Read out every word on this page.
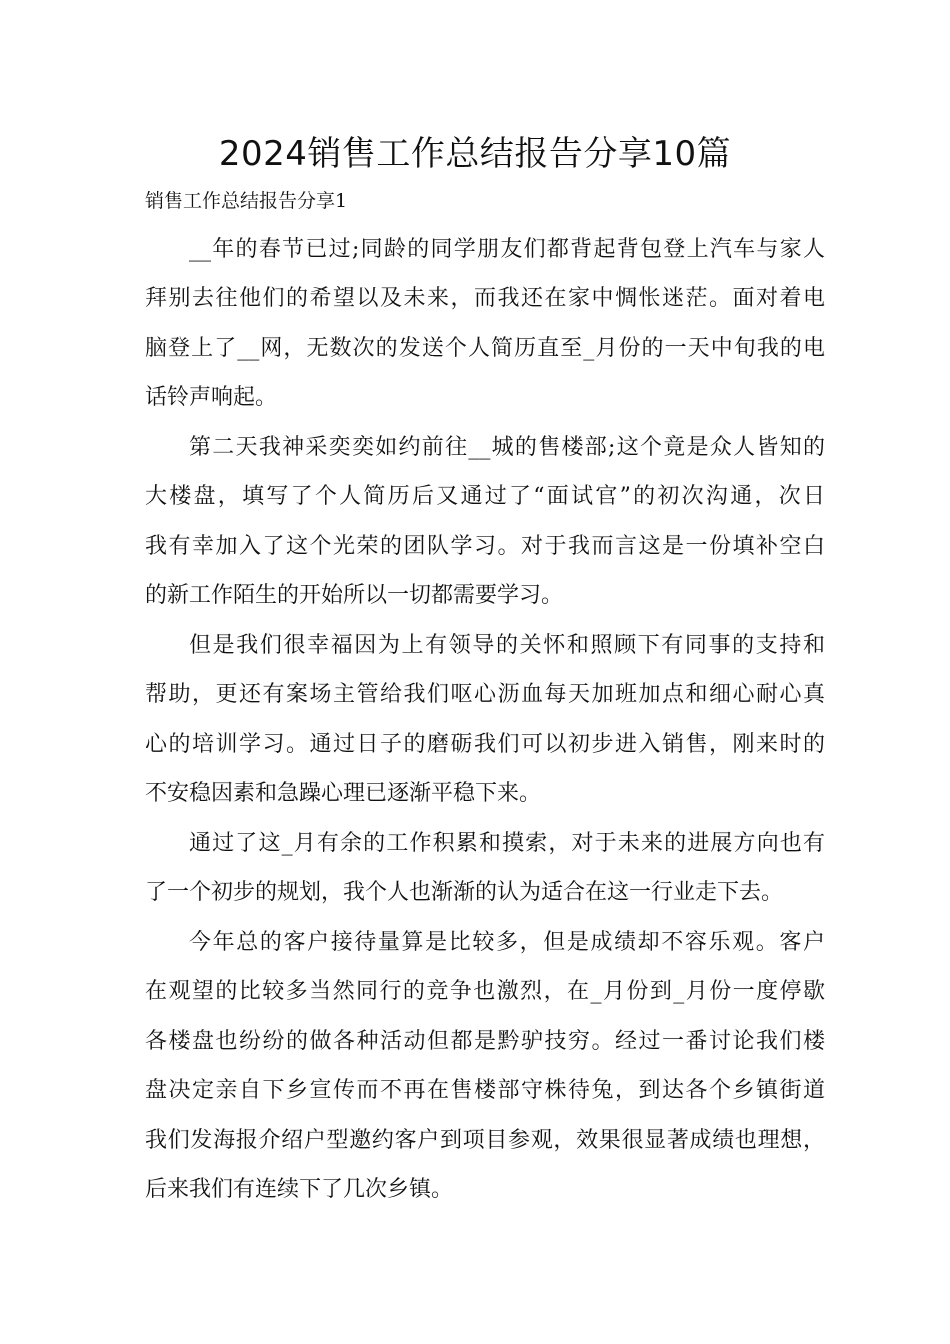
2024销售工作总结报告分享10篇

销售工作总结报告分享1

__年的春节已过;同龄的同学朋友们都背起背包登上汽车与家人

拜别去往他们的希望以及未来，而我还在家中惆怅迷茫。面对着电

脑登上了__网，无数次的发送个人简历直至_月份的一天中旬我的电

话铃声响起。

第二天我神采奕奕如约前往__城的售楼部;这个竟是众人皆知的

大楼盘，填写了个人简历后又通过了“面试官”的初次沟通，次日

我有幸加入了这个光荣的团队学习。对于我而言这是一份填补空白

的新工作陌生的开始所以一切都需要学习。

但是我们很幸福因为上有领导的关怀和照顾下有同事的支持和

帮助，更还有案场主管给我们呕心沥血每天加班加点和细心耐心真

心的培训学习。通过日子的磨砺我们可以初步进入销售，刚来时的

不安稳因素和急躁心理已逐渐平稳下来。

通过了这_月有余的工作积累和摸索，对于未来的进展方向也有

了一个初步的规划，我个人也渐渐的认为适合在这一行业走下去。

今年总的客户接待量算是比较多，但是成绩却不容乐观。客户

在观望的比较多当然同行的竞争也激烈，在_月份到_月份一度停歇

各楼盘也纷纷的做各种活动但都是黔驴技穷。经过一番讨论我们楼

盘决定亲自下乡宣传而不再在售楼部守株待兔，到达各个乡镇街道

我们发海报介绍户型邀约客户到项目参观，效果很显著成绩也理想，

后来我们有连续下了几次乡镇。
